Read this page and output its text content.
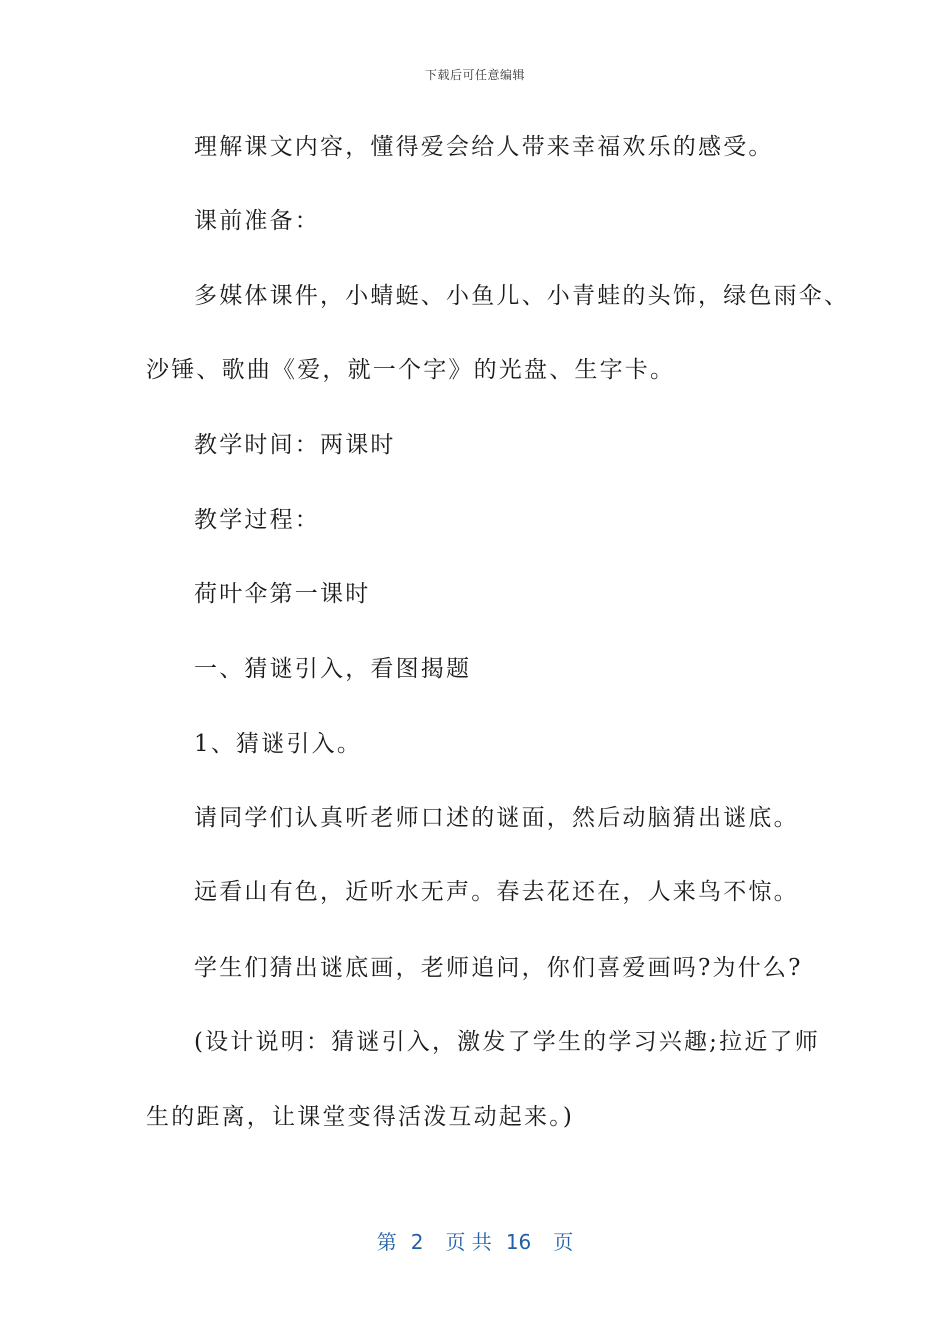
下载后可任意编辑
理解课文内容，懂得爱会给人带来幸福欢乐的感受。
课前准备：
多媒体课件，小蜻蜓、小鱼儿、小青蛙的头饰，绿色雨伞、
沙锤、歌曲《爱，就一个字》的光盘、生字卡。
教学时间：两课时
教学过程：
荷叶伞第一课时
一、猜谜引入，看图揭题
1、猜谜引入。
请同学们认真听老师口述的谜面，然后动脑猜出谜底。
远看山有色，近听水无声。春去花还在，人来鸟不惊。
学生们猜出谜底画，老师追问，你们喜爱画吗?为什么?
(设计说明：猜谜引入，激发了学生的学习兴趣;拉近了师
生的距离，让课堂变得活泼互动起来。)
第 2 页 共 16 页
